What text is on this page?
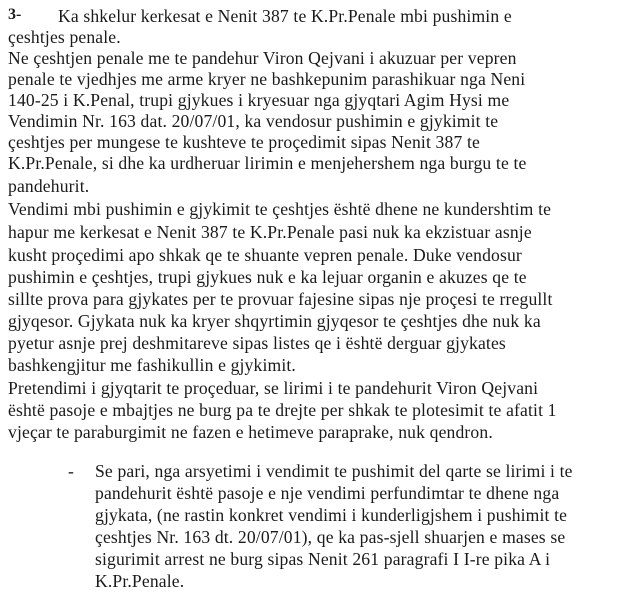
3- Ka shkelur kerkesat e Nenit 387 te K.Pr.Penale mbi pushimin e
çeshtjes penale.
Ne çeshtjen penale me te pandehur Viron Qejvani i akuzuar per vepren
penale te vjedhjes me arme kryer ne bashkepunim parashikuar nga Neni
140-25 i K.Penal, trupi gjykues i kryesuar nga gjyqtari Agim Hysi me
Vendimin Nr. 163 dat. 20/07/01, ka vendosur pushimin e gjykimit te
çeshtjes per mungese te kushteve te proçedimit sipas Nenit 387 te
K.Pr.Penale, si dhe ka urdheruar lirimin e menjehershem nga burgu te te
pandehurit.
Vendimi mbi pushimin e gjykimit te çeshtjes është dhene ne kundershtim te
hapur me kerkesat e Nenit 387 te K.Pr.Penale pasi nuk ka ekzistuar asnje
kusht proçedimi apo shkak qe te shuante vepren penale. Duke vendosur
pushimin e çeshtjes, trupi gjykues nuk e ka lejuar organin e akuzes qe te
sillte prova para gjykates per te provuar fajesine sipas nje proçesi te rregullt
gjyqesor. Gjykata nuk ka kryer shqyrtimin gjyqesor te çeshtjes dhe nuk ka
pyetur asnje prej deshmitareve sipas listes qe i është derguar gjykates
bashkengjitur me fashikullin e gjykimit.
Pretendimi i gjyqtarit te proçeduar, se lirimi i te pandehurit Viron Qejvani
është pasoje e mbajtjes ne burg pa te drejte per shkak te plotesimit te afatit 1
vjeçar te paraburgimit ne fazen e hetimeve paraprake, nuk qendron.
- Se pari, nga arsyetimi i vendimit te pushimit del qarte se lirimi i te
pandehurit është pasoje e nje vendimi perfundimtar te dhene nga
gjykata, (ne rastin konkret vendimi i kunderligjshem i pushimit te
çeshtjes Nr. 163 dt. 20/07/01), qe ka pas-sjell shuarjen e mases se
sigurimit arrest ne burg sipas Nenit 261 paragrafi I I-re pika A i
K.Pr.Penale.
